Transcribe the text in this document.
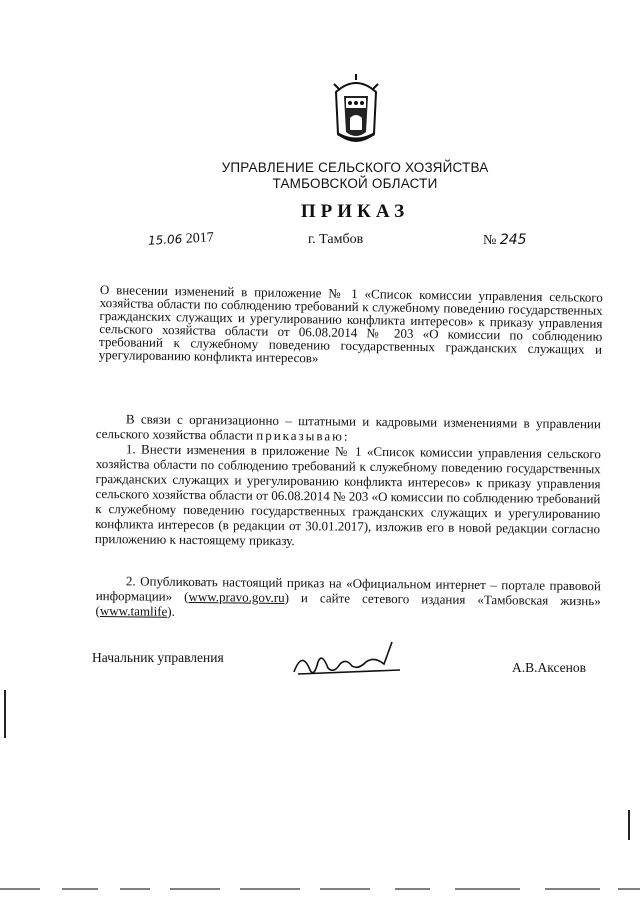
УПРАВЛЕНИЕ СЕЛЬСКОГО ХОЗЯЙСТВА
ТАМБОВСКОЙ ОБЛАСТИ
ПРИКАЗ
15.06 2017	г. Тамбов	№ 245

О внесении изменений в приложение № 1 «Список комиссии управления сельского хозяйства области по соблюдению требований к служебному поведению государственных гражданских служащих и урегулированию конфликта интересов» к приказу управления сельского хозяйства области от 06.08.2014 № 203 «О комиссии по соблюдению требований к служебному поведению государственных гражданских служащих и урегулированию конфликта интересов»

В связи с организационно – штатными и кадровыми изменениями в управлении сельского хозяйства области приказываю:

1. Внести изменения в приложение № 1 «Список комиссии управления сельского хозяйства области по соблюдению требований к служебному поведению государственных гражданских служащих и урегулированию конфликта интересов» к приказу управления сельского хозяйства области от 06.08.2014 № 203 «О комиссии по соблюдению требований к служебному поведению государственных гражданских служащих и урегулированию конфликта интересов (в редакции от 30.01.2017), изложив его в новой редакции согласно приложению к настоящему приказу.

2. Опубликовать настоящий приказ на «Официальном интернет – портале правовой информации» (www.pravo.gov.ru) и сайте сетевого издания «Тамбовская жизнь» (www.tamlife).

Начальник управления
А.В.Аксенов
